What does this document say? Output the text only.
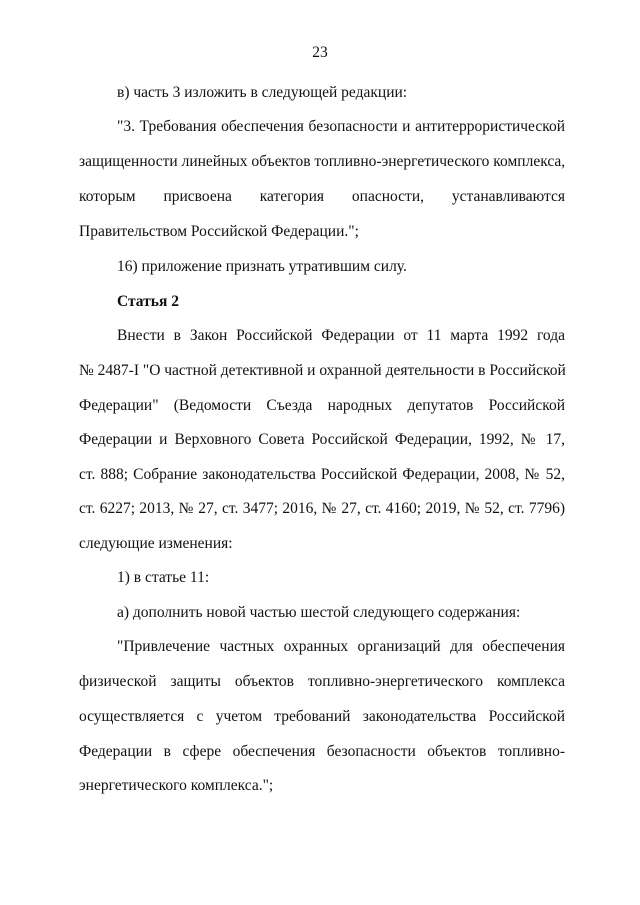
23
в) часть 3 изложить в следующей редакции:
"3. Требования обеспечения безопасности и антитеррористической
защищенности линейных объектов топливно-энергетического комплекса,
которым присвоена категория опасности, устанавливаются
Правительством Российской Федерации.";
16) приложение признать утратившим силу.
Статья 2
Внести в Закон Российской Федерации от 11 марта 1992 года
№ 2487-I "О частной детективной и охранной деятельности в Российской
Федерации" (Ведомости Съезда народных депутатов Российской
Федерации и Верховного Совета Российской Федерации, 1992, № 17,
ст. 888; Собрание законодательства Российской Федерации, 2008, № 52,
ст. 6227; 2013, № 27, ст. 3477; 2016, № 27, ст. 4160; 2019, № 52, ст. 7796)
следующие изменения:
1) в статье 11:
а) дополнить новой частью шестой следующего содержания:
"Привлечение частных охранных организаций для обеспечения
физической защиты объектов топливно-энергетического комплекса
осуществляется с учетом требований законодательства Российской
Федерации в сфере обеспечения безопасности объектов топливно-
энергетического комплекса.";
